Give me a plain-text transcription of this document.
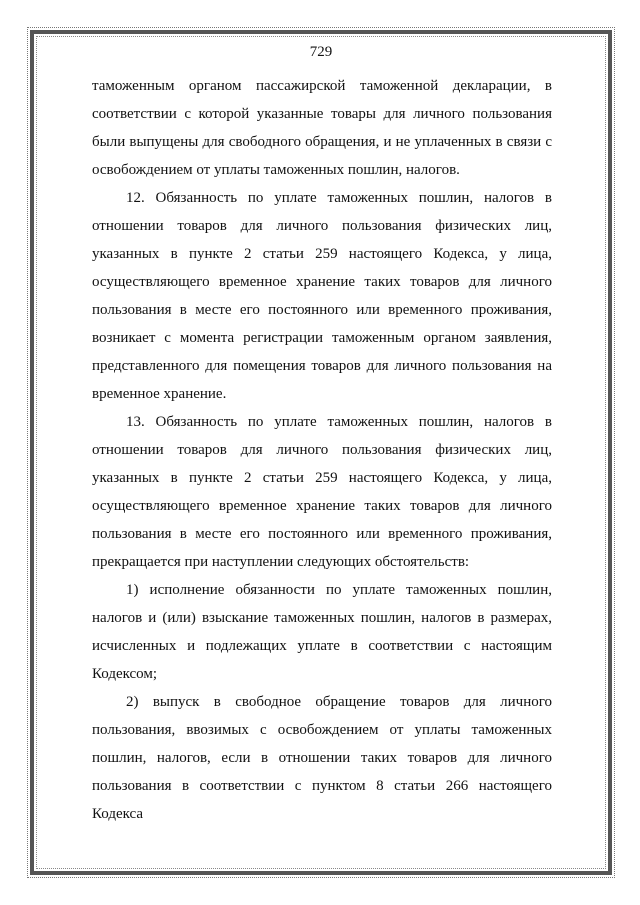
729

таможенным органом пассажирской таможенной декларации, в соответствии с которой указанные товары для личного пользования были выпущены для свободного обращения, и не уплаченных в связи с освобождением от уплаты таможенных пошлин, налогов.

12. Обязанность по уплате таможенных пошлин, налогов в отношении товаров для личного пользования физических лиц, указанных в пункте 2 статьи 259 настоящего Кодекса, у лица, осуществляющего временное хранение таких товаров для личного пользования в месте его постоянного или временного проживания, возникает с момента регистрации таможенным органом заявления, представленного для помещения товаров для личного пользования на временное хранение.

13. Обязанность по уплате таможенных пошлин, налогов в отношении товаров для личного пользования физических лиц, указанных в пункте 2 статьи 259 настоящего Кодекса, у лица, осуществляющего временное хранение таких товаров для личного пользования в месте его постоянного или временного проживания, прекращается при наступлении следующих обстоятельств:

1) исполнение обязанности по уплате таможенных пошлин, налогов и (или) взыскание таможенных пошлин, налогов в размерах, исчисленных и подлежащих уплате в соответствии с настоящим Кодексом;

2) выпуск в свободное обращение товаров для личного пользования, ввозимых с освобождением от уплаты таможенных пошлин, налогов, если в отношении таких товаров для личного пользования в соответствии с пунктом 8 статьи 266 настоящего Кодекса
